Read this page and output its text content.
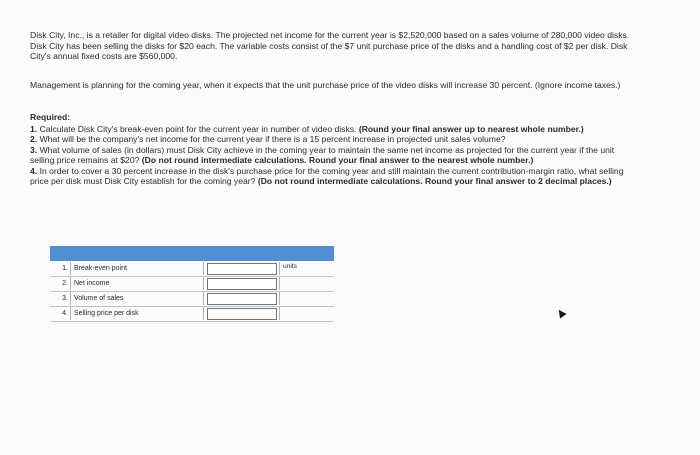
Disk City, Inc., is a retailer for digital video disks. The projected net income for the current year is $2,520,000 based on a sales volume of 280,000 video disks. Disk City has been selling the disks for $20 each. The variable costs consist of the $7 unit purchase price of the disks and a handling cost of $2 per disk. Disk City's annual fixed costs are $560,000.

Management is planning for the coming year, when it expects that the unit purchase price of the video disks will increase 30 percent. (Ignore income taxes.)

Required:

1. Calculate Disk City's break-even point for the current year in number of video disks. (Round your final answer up to nearest whole number.)

2. What will be the company's net income for the current year if there is a 15 percent increase in projected unit sales volume?

3. What volume of sales (in dollars) must Disk City achieve in the coming year to maintain the same net income as projected for the current year if the unit selling price remains at $20? (Do not round intermediate calculations. Round your final answer to the nearest whole number.)

4. In order to cover a 30 percent increase in the disk's purchase price for the coming year and still maintain the current contribution-margin ratio, what selling price per disk must Disk City establish for the coming year? (Do not round intermediate calculations. Round your final answer to 2 decimal places.)

1. Break-even point	units
2. Net income
3. Volume of sales
4. Selling price per disk
